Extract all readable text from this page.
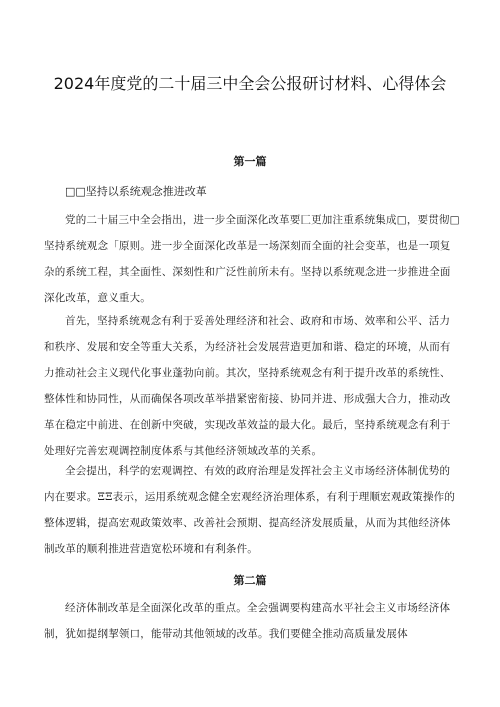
2024年度党的二十届三中全会公报研讨材料、心得体会
第一篇

□□坚持以系统观念推进改革

党的二十届三中全会指出，进一步全面深化改革要匚更加注重系统集成□，要贯彻□坚持系统观念「原则。进一步全面深化改革是一场深刻而全面的社会变革，也是一项复杂的系统工程，其全面性、深刻性和广泛性前所未有。坚持以系统观念进一步推进全面深化改革，意义重大。

首先，坚持系统观念有利于妥善处理经济和社会、政府和市场、效率和公平、活力和秩序、发展和安全等重大关系，为经济社会发展营造更加和谐、稳定的环境，从而有力推动社会主义现代化事业蓬勃向前。其次，坚持系统观念有利于提升改革的系统性、整体性和协同性，从而确保各项改革举措紧密衔接、协同并进、形成强大合力，推动改革在稳定中前进、在创新中突破，实现改革效益的最大化。最后，坚持系统观念有利于处理好完善宏观调控制度体系与其他经济领域改革的关系。

全会提出，科学的宏观调控、有效的政府治理是发挥社会主义市场经济体制优势的内在要求。ΞΞ表示，运用系统观念健全宏观经济治理体系，有利于理顺宏观政策操作的整体逻辑，提高宏观政策效率、改善社会预期、提高经济发展质量，从而为其他经济体制改革的顺利推进营造宽松环境和有利条件。

第二篇

经济体制改革是全面深化改革的重点。全会强调要构建高水平社会主义市场经济体制，犹如提纲挈领口，能带动其他领域的改革。我们要健全推动高质量发展体
